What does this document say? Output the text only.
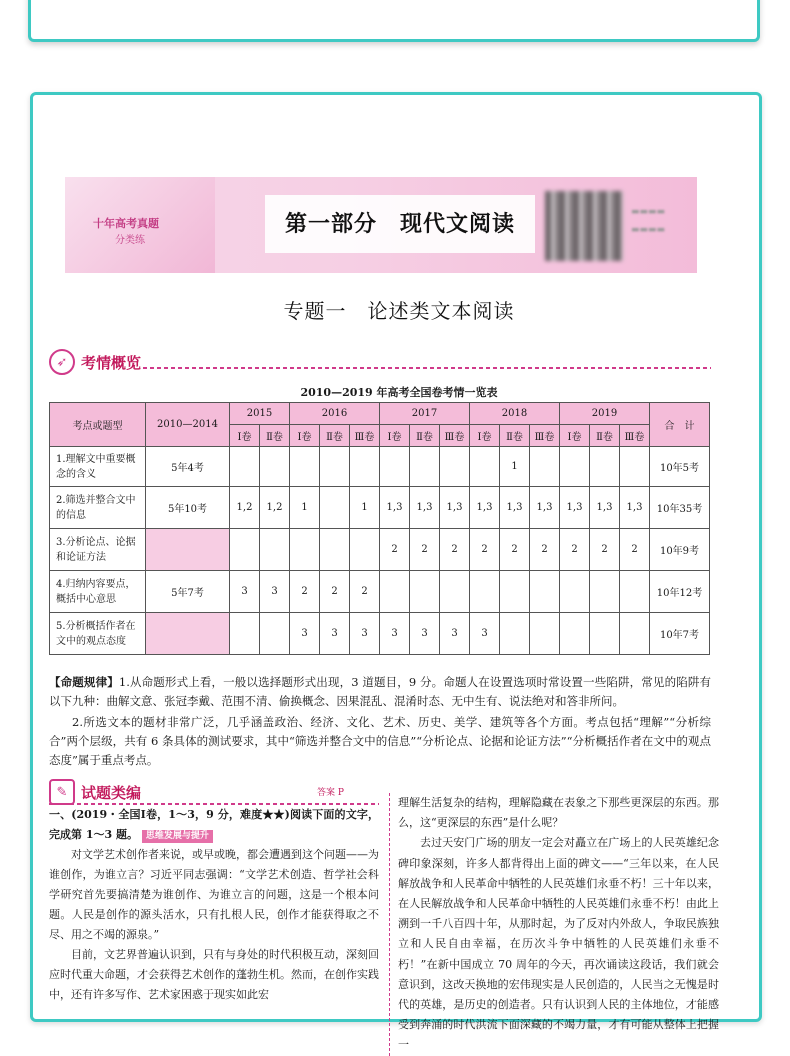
十年高考真题
分类练
第一部分　现代文阅读	▬▬▬▬
▬▬▬▬
专题一　论述类文本阅读
➶ 考情概览
2010—2019 年高考全国卷考情一览表
考点或题型	2010—2014	2015		2016			2017			2018			2019			合　计
		Ⅰ卷	Ⅱ卷	Ⅰ卷	Ⅱ卷	Ⅲ卷	Ⅰ卷	Ⅱ卷	Ⅲ卷	Ⅰ卷	Ⅱ卷	Ⅲ卷	Ⅰ卷	Ⅱ卷	Ⅲ卷	
1.理解文中重要概念的含义	5年4考										1					10年5考
2.筛选并整合文中的信息	5年10考	1,2	1,2	1		1	1,3	1,3	1,3	1,3	1,3	1,3	1,3	1,3	1,3	10年35考
3.分析论点、论据和论证方法							2	2	2	2	2	2	2	2	2	10年9考
4.归纳内容要点，概括中心意思	5年7考	3	3	2	2	2										10年12考
5.分析概括作者在文中的观点态度				3	3	3	3	3	3	3						10年7考
【命题规律】1.从命题形式上看，一般以选择题形式出现，3 道题目，9 分。命题人在设置选项时常设置一些陷阱，常见的陷阱有以下九种：曲解文意、张冠李戴、范围不清、偷换概念、因果混乱、混淆时态、无中生有、说法绝对和答非所问。
2.所选文本的题材非常广泛，几乎涵盖政治、经济、文化、艺术、历史、美学、建筑等各个方面。考点包括“理解”“分析综合”两个层级，共有 6 条具体的测试要求，其中“筛选并整合文中的信息”“分析论点、论据和论证方法”“分析概括作者在文中的观点态度”属于重点考点。
✎ 试题类编	答案 P
一、(2019・全国Ⅰ卷，1～3，9 分，难度★★)阅读下面的文字，完成第 1～3 题。 思维发展与提升

对文学艺术创作者来说，或早或晚，都会遭遇到这个问题——为谁创作，为谁立言？习近平同志强调：“文学艺术创造、哲学社会科学研究首先要搞清楚为谁创作、为谁立言的问题，这是一个根本问题。人民是创作的源头活水，只有扎根人民，创作才能获得取之不尽、用之不竭的源泉。”

目前，文艺界普遍认识到，只有与身处的时代积极互动，深刻回应时代重大命题，才会获得艺术创作的蓬勃生机。然而，在创作实践中，还有许多写作、艺术家困惑于现实如此宏

理解生活复杂的结构，理解隐藏在表象之下那些更深层的东西。那么，这“更深层的东西”是什么呢？

去过天安门广场的朋友一定会对矗立在广场上的人民英雄纪念碑印象深刻，许多人都背得出上面的碑文——“三年以来，在人民解放战争和人民革命中牺牲的人民英雄们永垂不朽！三十年以来，在人民解放战争和人民革命中牺牲的人民英雄们永垂不朽！由此上溯到一千八百四十年，从那时起，为了反对内外敌人，争取民族独立和人民自由幸福，在历次斗争中牺牲的人民英雄们永垂不朽！”在新中国成立 70 周年的今天，再次诵读这段话，我们就会意识到，这改天换地的宏伟现实是人民创造的，人民当之无愧是时代的英雄，是历史的创造者。只有认识到人民的主体地位，才能感受到奔涌的时代洪流下面深藏的不竭力量，才有可能从整体上把握一
